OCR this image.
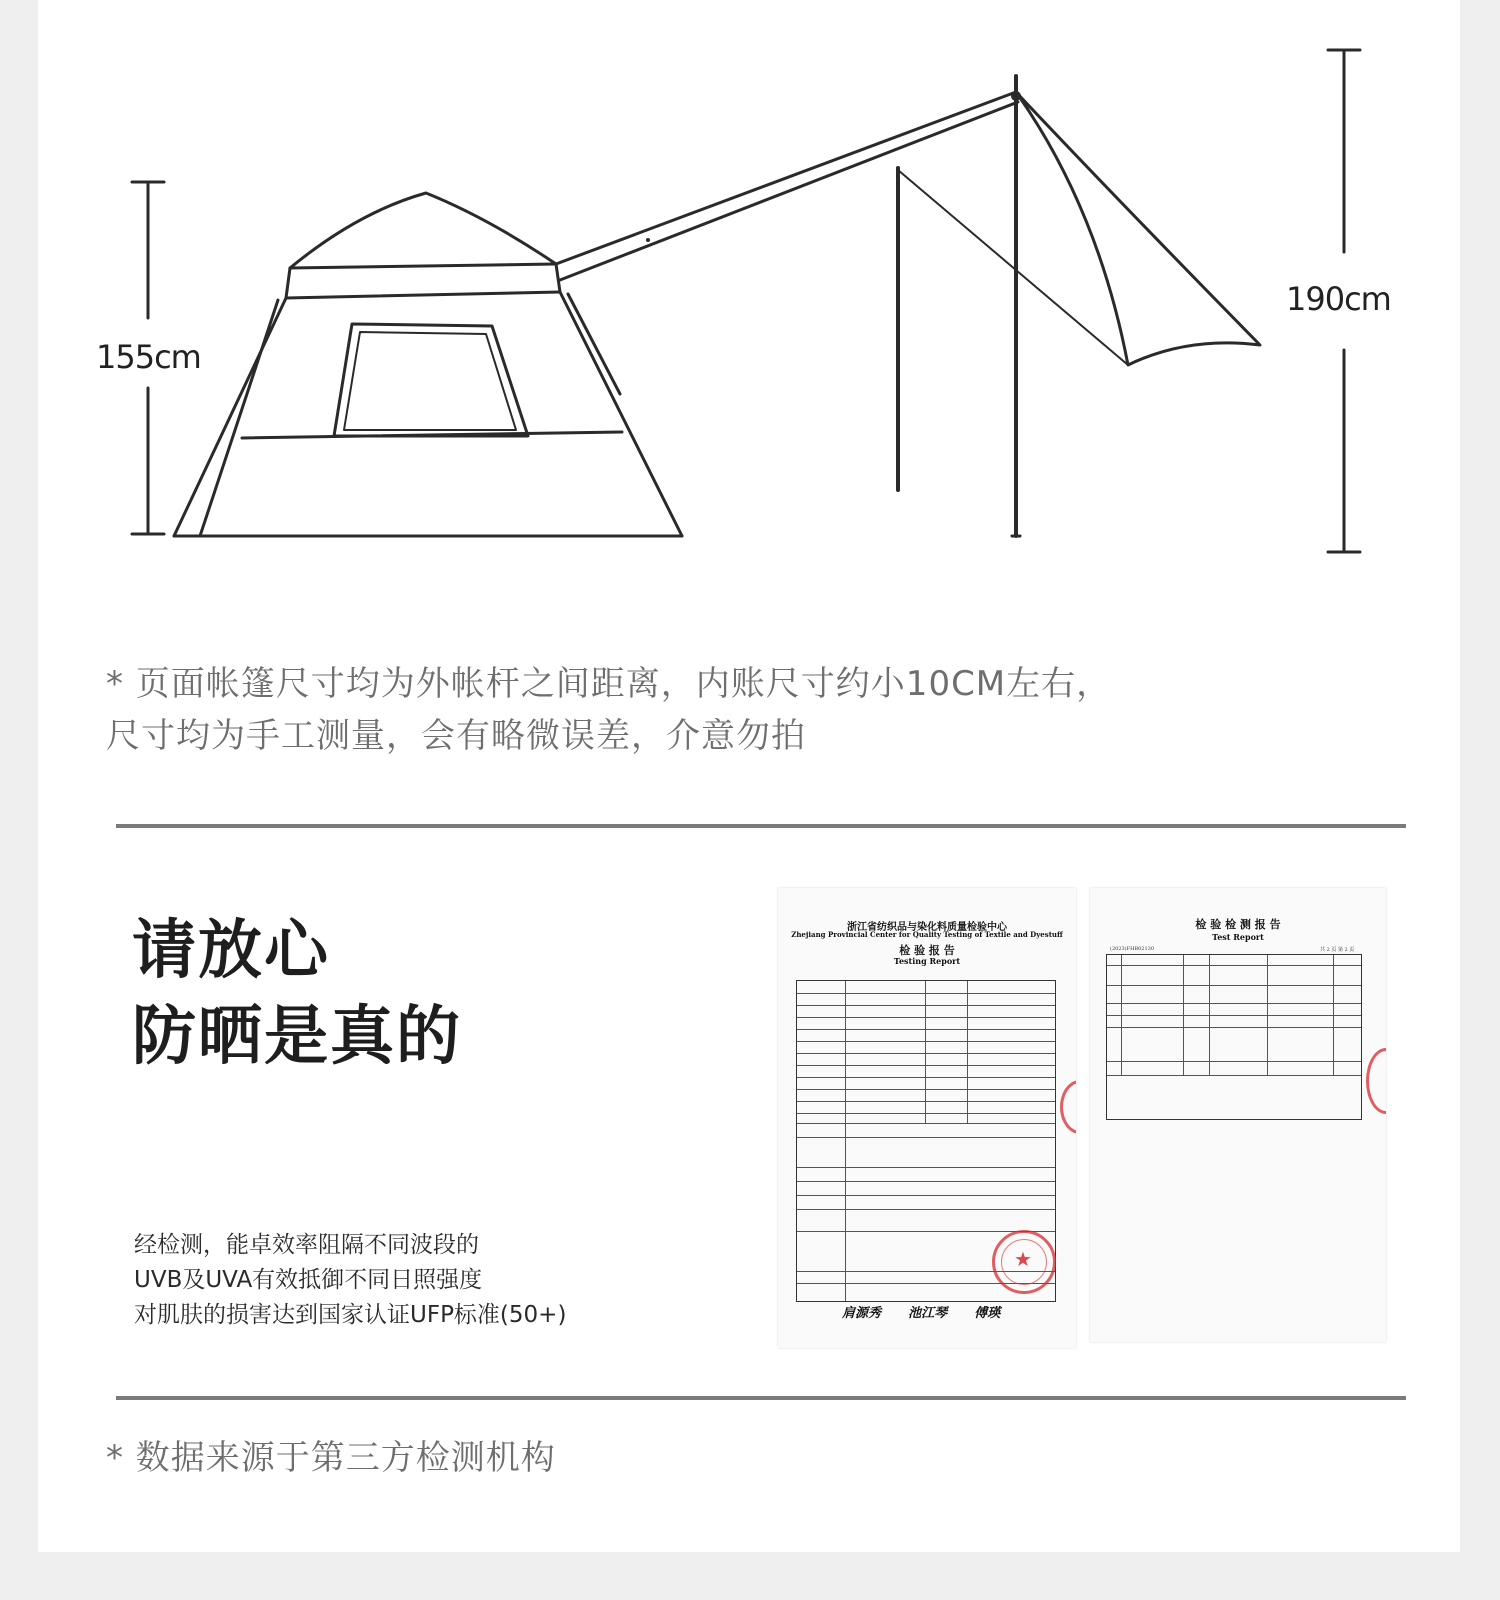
155cm
190cm
* 页面帐篷尺寸均为外帐杆之间距离，内账尺寸约小10CM左右，
尺寸均为手工测量，会有略微误差，介意勿拍
请放心
防晒是真的
经检测，能卓效率阻隔不同波段的
UVB及UVA有效抵御不同日照强度
对肌肤的损害达到国家认证UFP标准(50+)
浙江省纺织品与染化料质量检验中心
Zhejiang Provincial Center for Quality Testing of Textile and Dyestuff
检 验 报 告
Testing Report
★
肩源秀      池江琴      傅瑛
检 验 检 测 报 告
Test Report
(2023)FHB02130	共 2 页 第 2 页
* 数据来源于第三方检测机构
